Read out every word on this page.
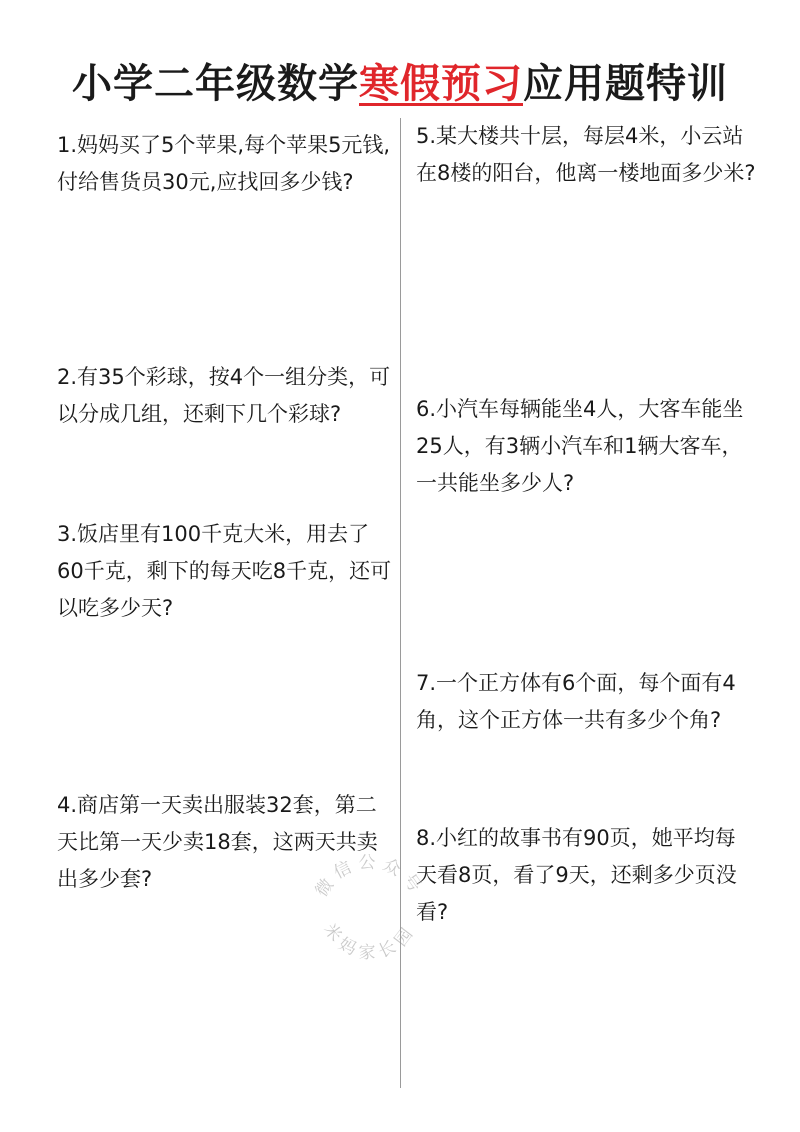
小学二年级数学寒假预习应用题特训
1.妈妈买了5个苹果,每个苹果5元钱,付给售货员30元,应找回多少钱?
2.有35个彩球，按4个一组分类，可以分成几组，还剩下几个彩球?
3.饭店里有100千克大米，用去了60千克，剩下的每天吃8千克，还可以吃多少天?
4.商店第一天卖出服装32套，第二天比第一天少卖18套，这两天共卖出多少套?
5.某大楼共十层，每层4米，小云站在8楼的阳台，他离一楼地面多少米?
6.小汽车每辆能坐4人，大客车能坐25人，有3辆小汽车和1辆大客车，一共能坐多少人?
7.一个正方体有6个面，每个面有4角，这个正方体一共有多少个角?
8.小红的故事书有90页，她平均每天看8页，看了9天，还剩多少页没看?
微信公众号
米妈家长园
